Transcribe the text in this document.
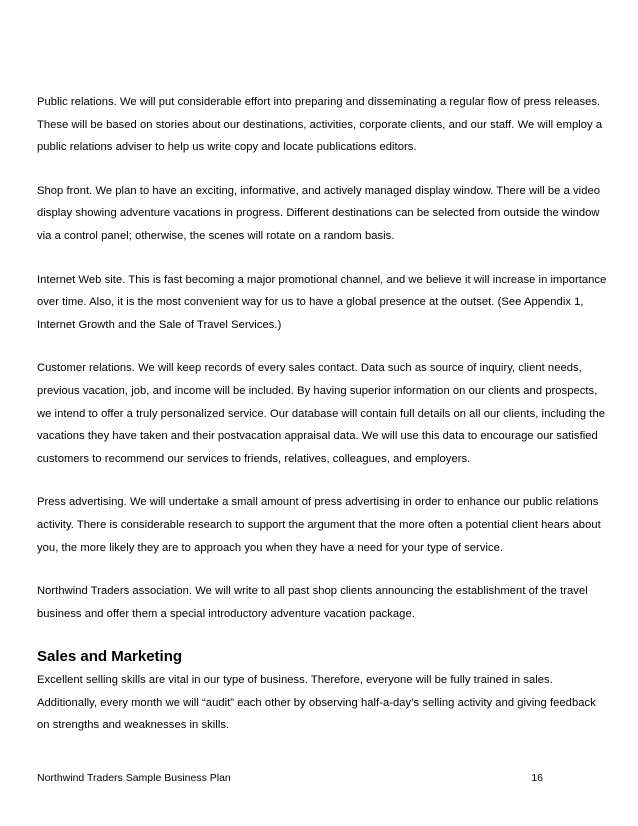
Public relations. We will put considerable effort into preparing and disseminating a regular flow of press releases. These will be based on stories about our destinations, activities, corporate clients, and our staff. We will employ a public relations adviser to help us write copy and locate publications editors.

Shop front. We plan to have an exciting, informative, and actively managed display window. There will be a video display showing adventure vacations in progress. Different destinations can be selected from outside the window via a control panel; otherwise, the scenes will rotate on a random basis.

Internet Web site. This is fast becoming a major promotional channel, and we believe it will increase in importance over time. Also, it is the most convenient way for us to have a global presence at the outset. (See Appendix 1, Internet Growth and the Sale of Travel Services.)

Customer relations. We will keep records of every sales contact. Data such as source of inquiry, client needs, previous vacation, job, and income will be included. By having superior information on our clients and prospects, we intend to offer a truly personalized service. Our database will contain full details on all our clients, including the vacations they have taken and their postvacation appraisal data. We will use this data to encourage our satisfied customers to recommend our services to friends, relatives, colleagues, and employers.

Press advertising. We will undertake a small amount of press advertising in order to enhance our public relations activity. There is considerable research to support the argument that the more often a potential client hears about you, the more likely they are to approach you when they have a need for your type of service.

Northwind Traders association. We will write to all past shop clients announcing the establishment of the travel business and offer them a special introductory adventure vacation package.

Sales and Marketing

Excellent selling skills are vital in our type of business. Therefore, everyone will be fully trained in sales. Additionally, every month we will “audit” each other by observing half-a-day’s selling activity and giving feedback on strengths and weaknesses in skills.

Northwind Traders Sample Business Plan	16
